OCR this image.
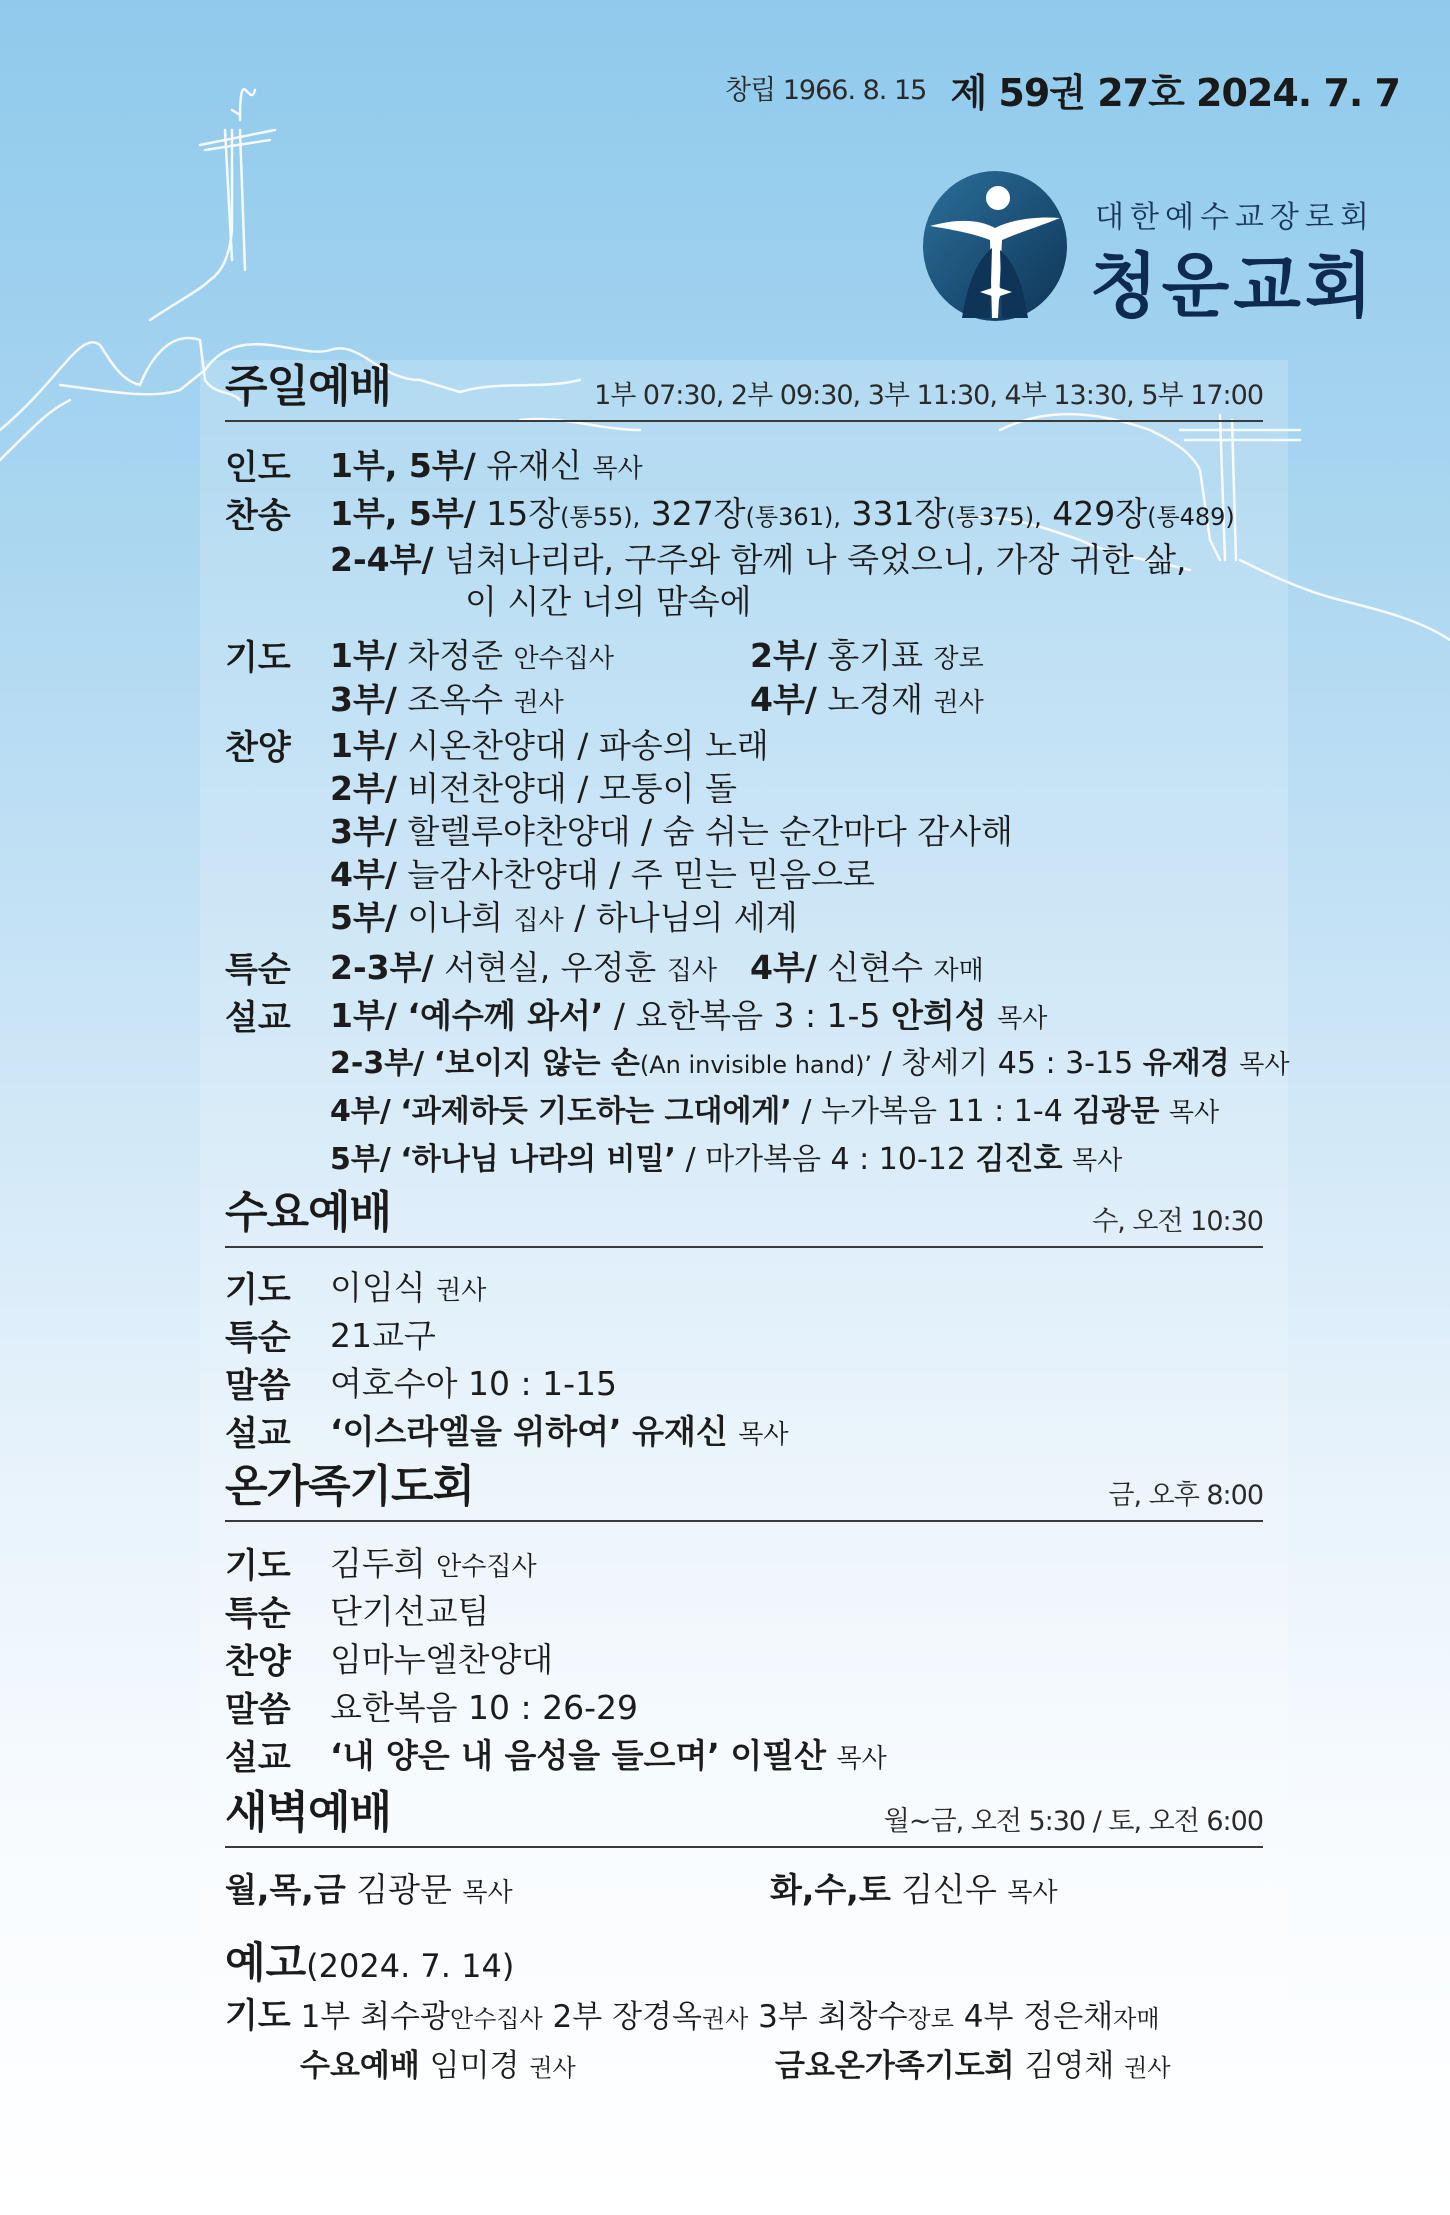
창립 1966. 8. 15 제 59권 27호 2024. 7. 7
대한예수교장로회
청운교회
주일예배	1부 07:30, 2부 09:30, 3부 11:30, 4부 13:30, 5부 17:00
인도 1부, 5부/ 유재신 목사
찬송 1부, 5부/ 15장(통55), 327장(통361), 331장(통375), 429장(통489)
2-4부/ 넘쳐나리라, 구주와 함께 나 죽었으니, 가장 귀한 삶,
이 시간 너의 맘속에
기도 1부/ 차정준 안수집사	2부/ 홍기표 장로
3부/ 조옥수 권사	4부/ 노경재 권사
찬양 1부/ 시온찬양대 / 파송의 노래
2부/ 비전찬양대 / 모퉁이 돌
3부/ 할렐루야찬양대 / 숨 쉬는 순간마다 감사해
4부/ 늘감사찬양대 / 주 믿는 믿음으로
5부/ 이나희 집사 / 하나님의 세계
특순 2-3부/ 서현실, 우정훈 집사 4부/ 신현수 자매
설교 1부/ ‘예수께 와서’ / 요한복음 3 : 1-5 안희성 목사
2-3부/ ‘보이지 않는 손(An invisible hand)’ / 창세기 45 : 3-15 유재경 목사
4부/ ‘과제하듯 기도하는 그대에게’ / 누가복음 11 : 1-4 김광문 목사
5부/ ‘하나님 나라의 비밀’ / 마가복음 4 : 10-12 김진호 목사
수요예배	수, 오전 10:30
기도 이임식 권사
특순 21교구
말씀 여호수아 10 : 1-15
설교 ‘이스라엘을 위하여’ 유재신 목사
온가족기도회	금, 오후 8:00
기도 김두희 안수집사
특순 단기선교팀
찬양 임마누엘찬양대
말씀 요한복음 10 : 26-29
설교 ‘내 양은 내 음성을 들으며’ 이필산 목사
새벽예배	월~금, 오전 5:30 / 토, 오전 6:00
월,목,금 김광문 목사	화,수,토 김신우 목사
예고(2024. 7. 14)
기도 1부 최수광안수집사 2부 장경옥권사 3부 최창수장로 4부 정은채자매
수요예배 임미경 권사	금요온가족기도회 김영채 권사
